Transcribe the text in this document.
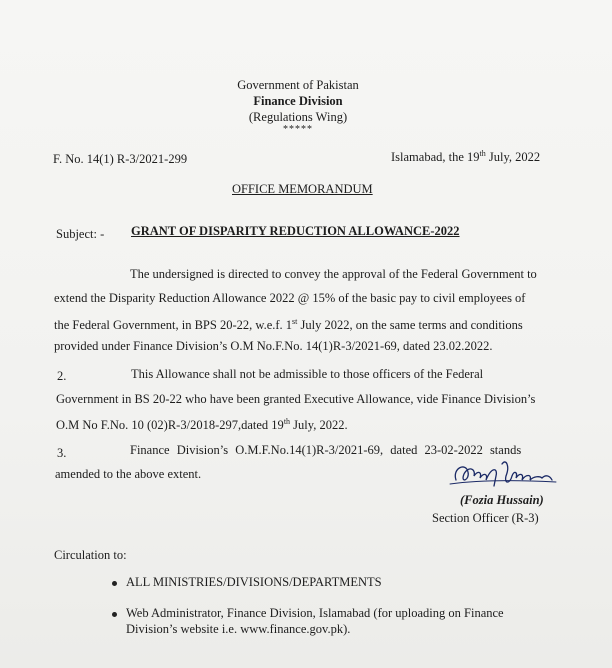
Government of Pakistan
Finance Division
(Regulations Wing)
*****
F. No. 14(1) R-3/2021-299	Islamabad, the 19th July, 2022
OFFICE MEMORANDUM
Subject: - GRANT OF DISPARITY REDUCTION ALLOWANCE-2022
The undersigned is directed to convey the approval of the Federal Government to
extend the Disparity Reduction Allowance 2022 @ 15% of the basic pay to civil employees of
the Federal Government, in BPS 20-22, w.e.f. 1st July 2022, on the same terms and conditions
provided under Finance Division’s O.M No.F.No. 14(1)R-3/2021-69, dated 23.02.2022.
2.	This Allowance shall not be admissible to those officers of the Federal
Government in BS 20-22 who have been granted Executive Allowance, vide Finance Division’s
O.M No F.No. 10 (02)R-3/2018-297,dated 19th July, 2022.
3.	Finance Division’s O.M.F.No.14(1)R-3/2021-69, dated 23-02-2022 stands
amended to the above extent.
(Fozia Hussain)
Section Officer (R-3)
Circulation to:
ALL MINISTRIES/DIVISIONS/DEPARTMENTS
Web Administrator, Finance Division, Islamabad (for uploading on Finance
Division’s website i.e. www.finance.gov.pk).
